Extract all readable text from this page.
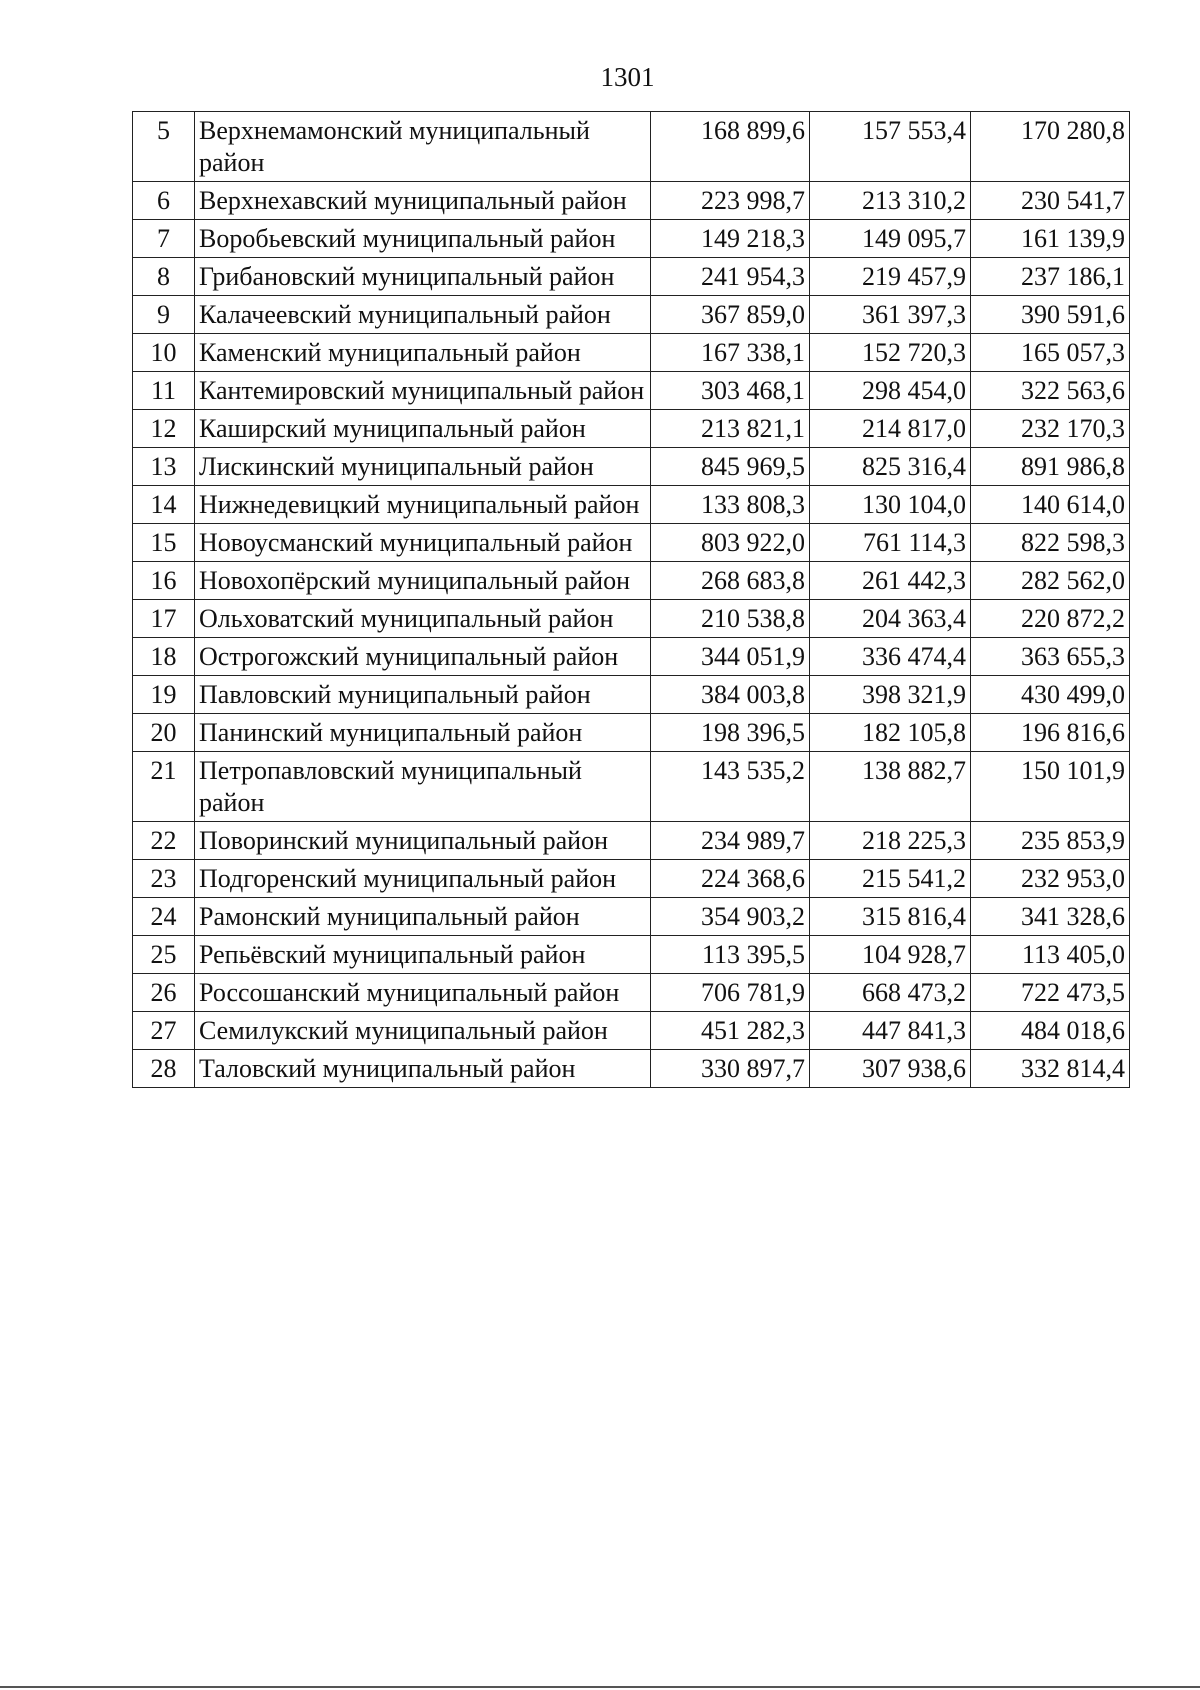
1301
5	Верхнемамонский муниципальный район	168 899,6	157 553,4	170 280,8
6	Верхнехавский муниципальный район	223 998,7	213 310,2	230 541,7
7	Воробьевский муниципальный район	149 218,3	149 095,7	161 139,9
8	Грибановский муниципальный район	241 954,3	219 457,9	237 186,1
9	Калачеевский муниципальный район	367 859,0	361 397,3	390 591,6
10	Каменский муниципальный район	167 338,1	152 720,3	165 057,3
11	Кантемировский муниципальный район	303 468,1	298 454,0	322 563,6
12	Каширский муниципальный район	213 821,1	214 817,0	232 170,3
13	Лискинский муниципальный район	845 969,5	825 316,4	891 986,8
14	Нижнедевицкий муниципальный район	133 808,3	130 104,0	140 614,0
15	Новоусманский муниципальный район	803 922,0	761 114,3	822 598,3
16	Новохопёрский муниципальный район	268 683,8	261 442,3	282 562,0
17	Ольховатский муниципальный район	210 538,8	204 363,4	220 872,2
18	Острогожский муниципальный район	344 051,9	336 474,4	363 655,3
19	Павловский муниципальный район	384 003,8	398 321,9	430 499,0
20	Панинский муниципальный район	198 396,5	182 105,8	196 816,6
21	Петропавловский муниципальный район	143 535,2	138 882,7	150 101,9
22	Поворинский муниципальный район	234 989,7	218 225,3	235 853,9
23	Подгоренский муниципальный район	224 368,6	215 541,2	232 953,0
24	Рамонский муниципальный район	354 903,2	315 816,4	341 328,6
25	Репьёвский муниципальный район	113 395,5	104 928,7	113 405,0
26	Россошанский муниципальный район	706 781,9	668 473,2	722 473,5
27	Семилукский муниципальный район	451 282,3	447 841,3	484 018,6
28	Таловский муниципальный район	330 897,7	307 938,6	332 814,4
